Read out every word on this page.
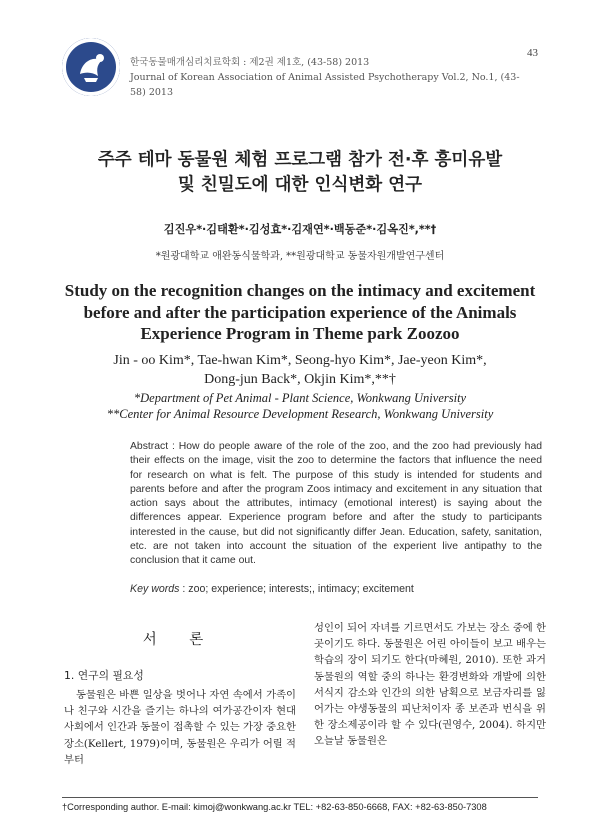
한국동물매개심리치료학회 : 제2권 제1호, (43-58) 2013
Journal of Korean Association of Animal Assisted Psychotherapy Vol.2, No.1, (43-58) 2013
43
주주 테마 동물원 체험 프로그램 참가 전·후 흥미유발
및 친밀도에 대한 인식변화 연구
김진우*·김태환*·김성효*·김재연*·백동준*·김옥진*,**†
*원광대학교 애완동식물학과, **원광대학교 동물자원개발연구센터
Study on the recognition changes on the intimacy and excitement
before and after the participation experience of the Animals
Experience Program in Theme park Zoozoo
Jin - oo Kim*, Tae-hwan Kim*, Seong-hyo Kim*, Jae-yeon Kim*,
Dong-jun Back*, Okjin Kim*,**†
*Department of Pet Animal - Plant Science, Wonkwang University
**Center for Animal Resource Development Research, Wonkwang University
Abstract : How do people aware of the role of the zoo, and the zoo had previously had their effects on the image, visit the zoo to determine the factors that influence the need for research on what is felt. The purpose of this study is intended for students and parents before and after the program Zoos intimacy and excitement in any situation that action says about the attributes, intimacy (emotional interest) is saying about the differences appear. Experience program before and after the study to participants interested in the cause, but did not significantly differ Jean. Education, safety, sanitation, etc. are not taken into account the situation of the experient live antipathy to the conclusion that it came out.
Key words : zoo; experience; interests;, intimacy; excitement
서 론
1. 연구의 필요성
동물원은 바쁜 일상을 벗어나 자연 속에서 가족이나 친구와 시간을 즐기는 하나의 여가공간이자 현대 사회에서 인간과 동물이 접촉할 수 있는 가장 중요한 장소(Kellert, 1979)이며, 동물원은 우리가 어릴 적부터
성인이 되어 자녀를 기르면서도 가보는 장소 중에 한곳이기도 하다. 동물원은 어린 아이들이 보고 배우는 학습의 장이 되기도 한다(마혜원, 2010). 또한 과거 동물원의 역할 중의 하나는 환경변화와 개발에 의한 서식지 감소와 인간의 의한 남획으로 보금자리를 잃어가는 야생동물의 피난처이자 종 보존과 번식을 위한 장소제공이라 할 수 있다(권영수, 2004). 하지만 오늘날 동물원은
†Corresponding author. E-mail: kimoj@wonkwang.ac.kr TEL: +82-63-850-6668, FAX: +82-63-850-7308
